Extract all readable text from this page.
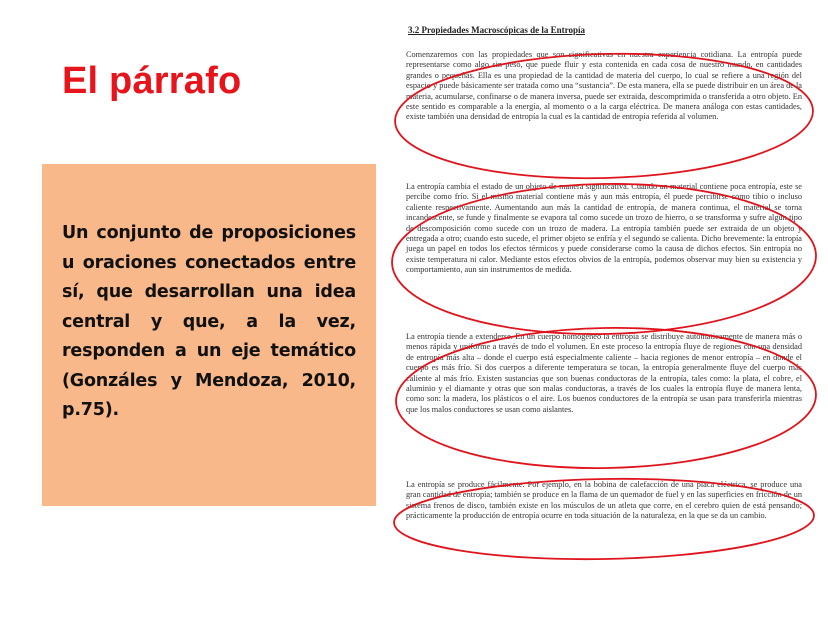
El párrafo

Un conjunto de proposiciones u oraciones conectados entre sí, que desarrollan una idea central y que, a la vez, responden a un eje temático (Gonzáles y Mendoza, 2010, p.75).

3.2 Propiedades Macroscópicas de la Entropía

Comenzaremos con las propiedades que son significativas en nuestra experiencia cotidiana. La entropía puede representarse como algo sin peso, que puede fluir y esta contenida en cada cosa de nuestro mundo, en cantidades grandes o pequeñas. Ella es una propiedad de la cantidad de materia del cuerpo, lo cual se refiere a una región del espacio y puede básicamente ser tratada como una “sustancia”. De esta manera, ella se puede distribuir en un área de la materia, acumularse, confinarse o de manera inversa, puede ser extraida, descomprimida o transferida a otro objeto. En este sentido es comparable a la energía, al momento o a la carga eléctrica. De manera análoga con estas cantidades, existe también una densidad de entropía la cual es la cantidad de entropía referida al volumen.

La entropía cambia el estado de un objeto de manera significativa. Cuando un material contiene poca entropía, este se percibe como frío. Si el mismo material contiene más y aun más entropía, él puede percibirse como tibio o incluso caliente respectivamente. Aumentando aun más la cantidad de entropía, de manera continua, el material se torna incandescente, se funde y finalmente se evapora tal como sucede un trozo de hierro, o se transforma y sufre algún tipo de descomposición como sucede con un trozo de madera. La entropía también puede ser extraida de un objeto y entregada a otro; cuando esto sucede, el primer objeto se enfría y el segundo se calienta. Dicho brevemente: la entropía juega un papel en todos los efectos térmicos y puede considerarse como la causa de dichos efectos. Sin entropía no existe temperatura ni calor. Mediante estos efectos obvios de la entropía, podemos observar muy bien su existencia y comportamiento, aun sin instrumentos de medida.

La entropía tiende a extenderse. En un cuerpo homogéneo la entropía se distribuye automaticamente de manera más o menos rápida y uniforme a través de todo el volumen. En este proceso la entropía fluye de regiones con una densidad de entropía más alta – donde el cuerpo está especialmente caliente – hacia regiones de menor entropía – en donde el cuerpo es más frío. Si dos cuerpos a diferente temperatura se tocan, la entropía generalmente fluye del cuerpo más caliente al más frío. Existen sustancias que son buenas conductoras de la entropía, tales como: la plata, el cobre, el aluminio y el diamante y otras que son malas conductoras, a través de los cuales la entropía fluye de manera lenta, como son: la madera, los plásticos o el aire. Los buenos conductores de la entropía se usan para transferirla mientras que los malos conductores se usan como aislantes.

La entropía se produce fácilmente. Por ejemplo, en la bobina de calefacción de una placa eléctrica, se produce una gran cantidad de entropía; también se produce en la flama de un quemador de fuel y en las superficies en fricción de un sistema frenos de disco, también existe en los músculos de un atleta que corre, en el cerebro quien de está pensando; prácticamente la producción de entropía ocurre en toda situación de la naturaleza, en la que se da un cambio.
